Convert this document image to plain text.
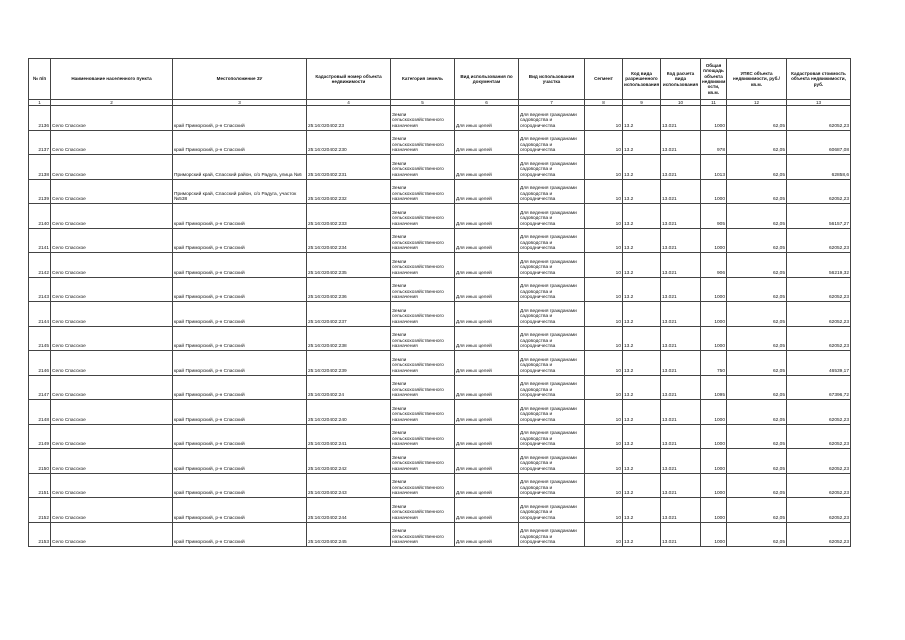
№ п/п	Наименование населенного пункта	Местоположение ЗУ	Кадастровый номер объекта недвижимости	Категория земель	Вид использования по документам	Вид использования участка	Сегмент	Код вида разрешенного использования	Код расчета вида использования	Общая площадь объекта недвижим ости, кв.м.	УПКС объекта недвижимости, руб./кв.м.	Кадастровая стоимость объекта недвижимости, руб.
1	2	3	4	5	6	7	8	9	10	11	12	13
2136	Село Спасское	край Приморский, р-н Спасский	25:16:020402:23	Земли сельскохозяйственного назначения	Для иных целей	Для ведения гражданами садоводства и огородничества	10	13.2	13.021	1000	62,05	62052,23
2137	Село Спасское	край Приморский, р-н Спасский	25:16:020402:230	Земли сельскохозяйственного назначения	Для иных целей	Для ведения гражданами садоводства и огородничества	10	13.2	13.021	978	62,05	60687,08
2138	Село Спасское	Приморский край, Спасский район, с/о Радуга, улица №6	25:16:020402:231	Земли сельскохозяйственного назначения	Для иных целей	Для ведения гражданами садоводства и огородничества	10	13.2	13.021	1013	62,05	62858,6
2139	Село Спасское	Приморский край, Спасский район, с/о Радуга, участок №538	25:16:020402:232	Земли сельскохозяйственного назначения	Для иных целей	Для ведения гражданами садоводства и огородничества	10	13.2	13.021	1000	62,05	62052,23
2140	Село Спасское	край Приморский, р-н Спасский	25:16:020402:233	Земли сельскохозяйственного назначения	Для иных целей	Для ведения гражданами садоводства и огородничества	10	13.2	13.021	905	62,05	56157,27
2141	Село Спасское	край Приморский, р-н Спасский	25:16:020402:234	Земли сельскохозяйственного назначения	Для иных целей	Для ведения гражданами садоводства и огородничества	10	13.2	13.021	1000	62,05	62052,23
2142	Село Спасское	край Приморский, р-н Спасский	25:16:020402:235	Земли сельскохозяйственного назначения	Для иных целей	Для ведения гражданами садоводства и огородничества	10	13.2	13.021	906	62,05	56219,32
2143	Село Спасское	край Приморский, р-н Спасский	25:16:020402:236	Земли сельскохозяйственного назначения	Для иных целей	Для ведения гражданами садоводства и огородничества	10	13.2	13.021	1000	62,05	62052,23
2144	Село Спасское	край Приморский, р-н Спасский	25:16:020402:237	Земли сельскохозяйственного назначения	Для иных целей	Для ведения гражданами садоводства и огородничества	10	13.2	13.021	1000	62,05	62052,23
2145	Село Спасское	край Приморский, р-н Спасский	25:16:020402:238	Земли сельскохозяйственного назначения	Для иных целей	Для ведения гражданами садоводства и огородничества	10	13.2	13.021	1000	62,05	62052,23
2146	Село Спасское	край Приморский, р-н Спасский	25:16:020402:239	Земли сельскохозяйственного назначения	Для иных целей	Для ведения гражданами садоводства и огородничества	10	13.2	13.021	750	62,05	46539,17
2147	Село Спасское	край Приморский, р-н Спасский	25:16:020402:24	Земли сельскохозяйственного назначения	Для иных целей	Для ведения гражданами садоводства и огородничества	10	13.2	13.021	1095	62,05	67396,72
2148	Село Спасское	край Приморский, р-н Спасский	25:16:020402:240	Земли сельскохозяйственного назначения	Для иных целей	Для ведения гражданами садоводства и огородничества	10	13.2	13.021	1000	62,05	62052,23
2149	Село Спасское	край Приморский, р-н Спасский	25:16:020402:241	Земли сельскохозяйственного назначения	Для иных целей	Для ведения гражданами садоводства и огородничества	10	13.2	13.021	1000	62,05	62052,23
2150	Село Спасское	край Приморский, р-н Спасский	25:16:020402:242	Земли сельскохозяйственного назначения	Для иных целей	Для ведения гражданами садоводства и огородничества	10	13.2	13.021	1000	62,05	62052,23
2151	Село Спасское	край Приморский, р-н Спасский	25:16:020402:243	Земли сельскохозяйственного назначения	Для иных целей	Для ведения гражданами садоводства и огородничества	10	13.2	13.021	1000	62,05	62052,23
2152	Село Спасское	край Приморский, р-н Спасский	25:16:020402:244	Земли сельскохозяйственного назначения	Для иных целей	Для ведения гражданами садоводства и огородничества	10	13.2	13.021	1000	62,05	62052,23
2153	Село Спасское	край Приморский, р-н Спасский	25:16:020402:245	Земли сельскохозяйственного назначения	Для иных целей	Для ведения гражданами садоводства и огородничества	10	13.2	13.021	1000	62,05	62052,23
